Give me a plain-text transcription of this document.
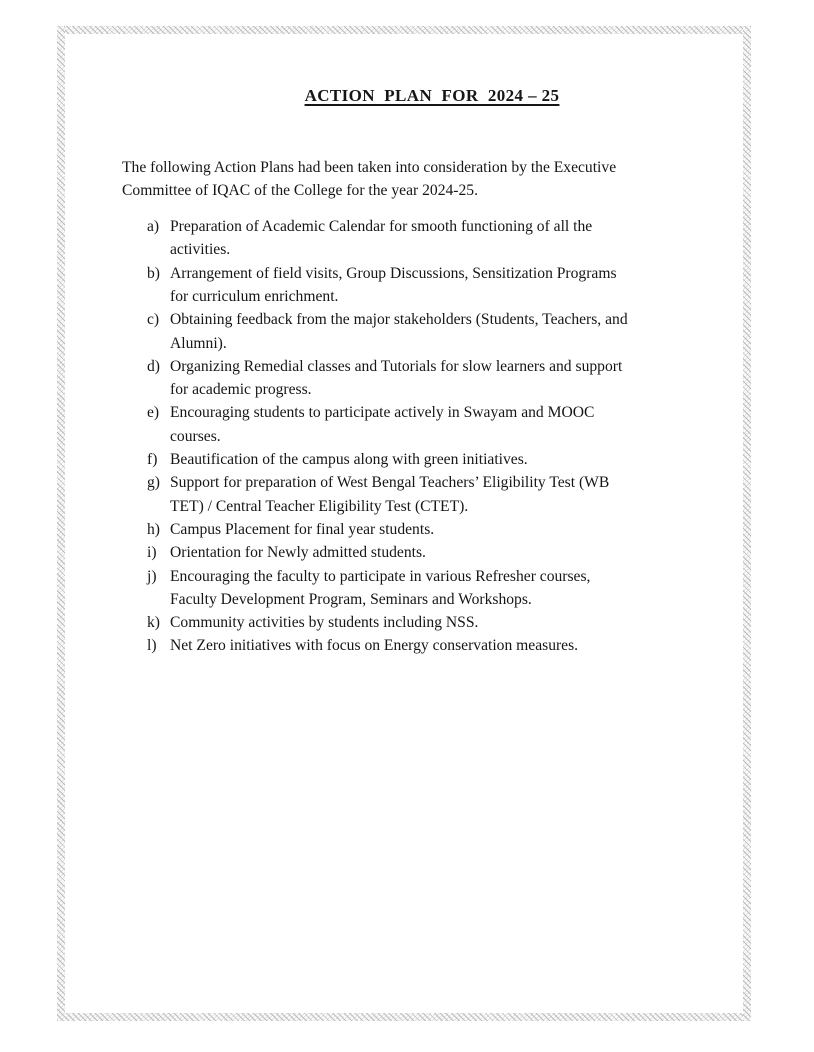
ACTION  PLAN  FOR  2024 – 25
The following Action Plans had been taken into consideration by the Executive
Committee of IQAC of the College for the year 2024-25.
a) Preparation of Academic Calendar for smooth functioning of all the
activities.
b) Arrangement of field visits, Group Discussions, Sensitization Programs
for curriculum enrichment.
c) Obtaining feedback from the major stakeholders (Students, Teachers, and
Alumni).
d) Organizing Remedial classes and Tutorials for slow learners and support
for academic progress.
e) Encouraging students to participate actively in Swayam and MOOC
courses.
f) Beautification of the campus along with green initiatives.
g) Support for preparation of West Bengal Teachers’ Eligibility Test (WB
TET) / Central Teacher Eligibility Test (CTET).
h) Campus Placement for final year students.
i) Orientation for Newly admitted students.
j) Encouraging the faculty to participate in various Refresher courses,
Faculty Development Program, Seminars and Workshops.
k) Community activities by students including NSS.
l) Net Zero initiatives with focus on Energy conservation measures.
